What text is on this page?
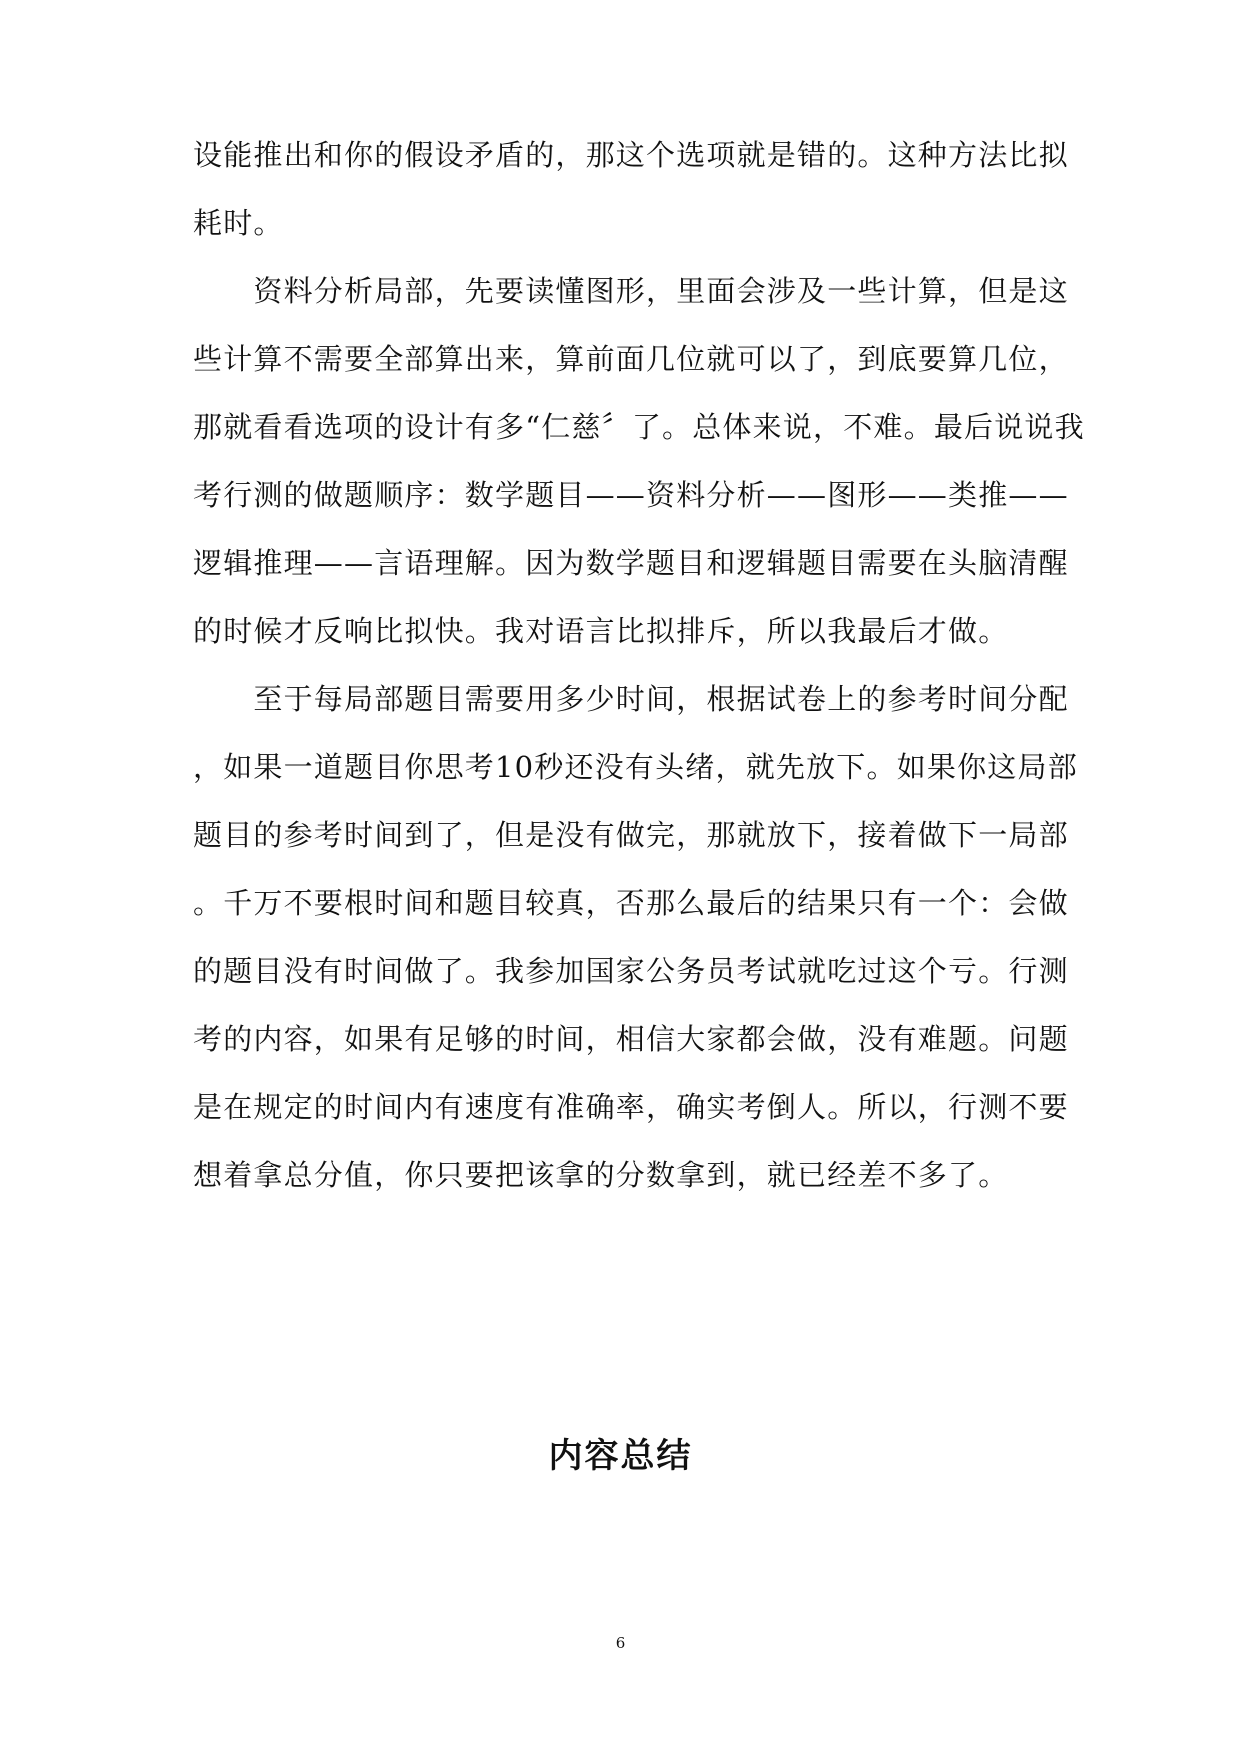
设能推出和你的假设矛盾的，那这个选项就是错的。这种方法比拟
耗时。
　　资料分析局部，先要读懂图形，里面会涉及一些计算，但是这
些计算不需要全部算出来，算前面几位就可以了，到底要算几位，
那就看看选项的设计有多“仁慈〞了。总体来说，不难。最后说说我
考行测的做题顺序：数学题目——资料分析——图形——类推——
逻辑推理——言语理解。因为数学题目和逻辑题目需要在头脑清醒
的时候才反响比拟快。我对语言比拟排斥，所以我最后才做。
　　至于每局部题目需要用多少时间，根据试卷上的参考时间分配
，如果一道题目你思考10秒还没有头绪，就先放下。如果你这局部
题目的参考时间到了，但是没有做完，那就放下，接着做下一局部
。千万不要根时间和题目较真，否那么最后的结果只有一个：会做
的题目没有时间做了。我参加国家公务员考试就吃过这个亏。行测
考的内容，如果有足够的时间，相信大家都会做，没有难题。问题
是在规定的时间内有速度有准确率，确实考倒人。所以，行测不要
想着拿总分值，你只要把该拿的分数拿到，就已经差不多了。
内容总结
6
